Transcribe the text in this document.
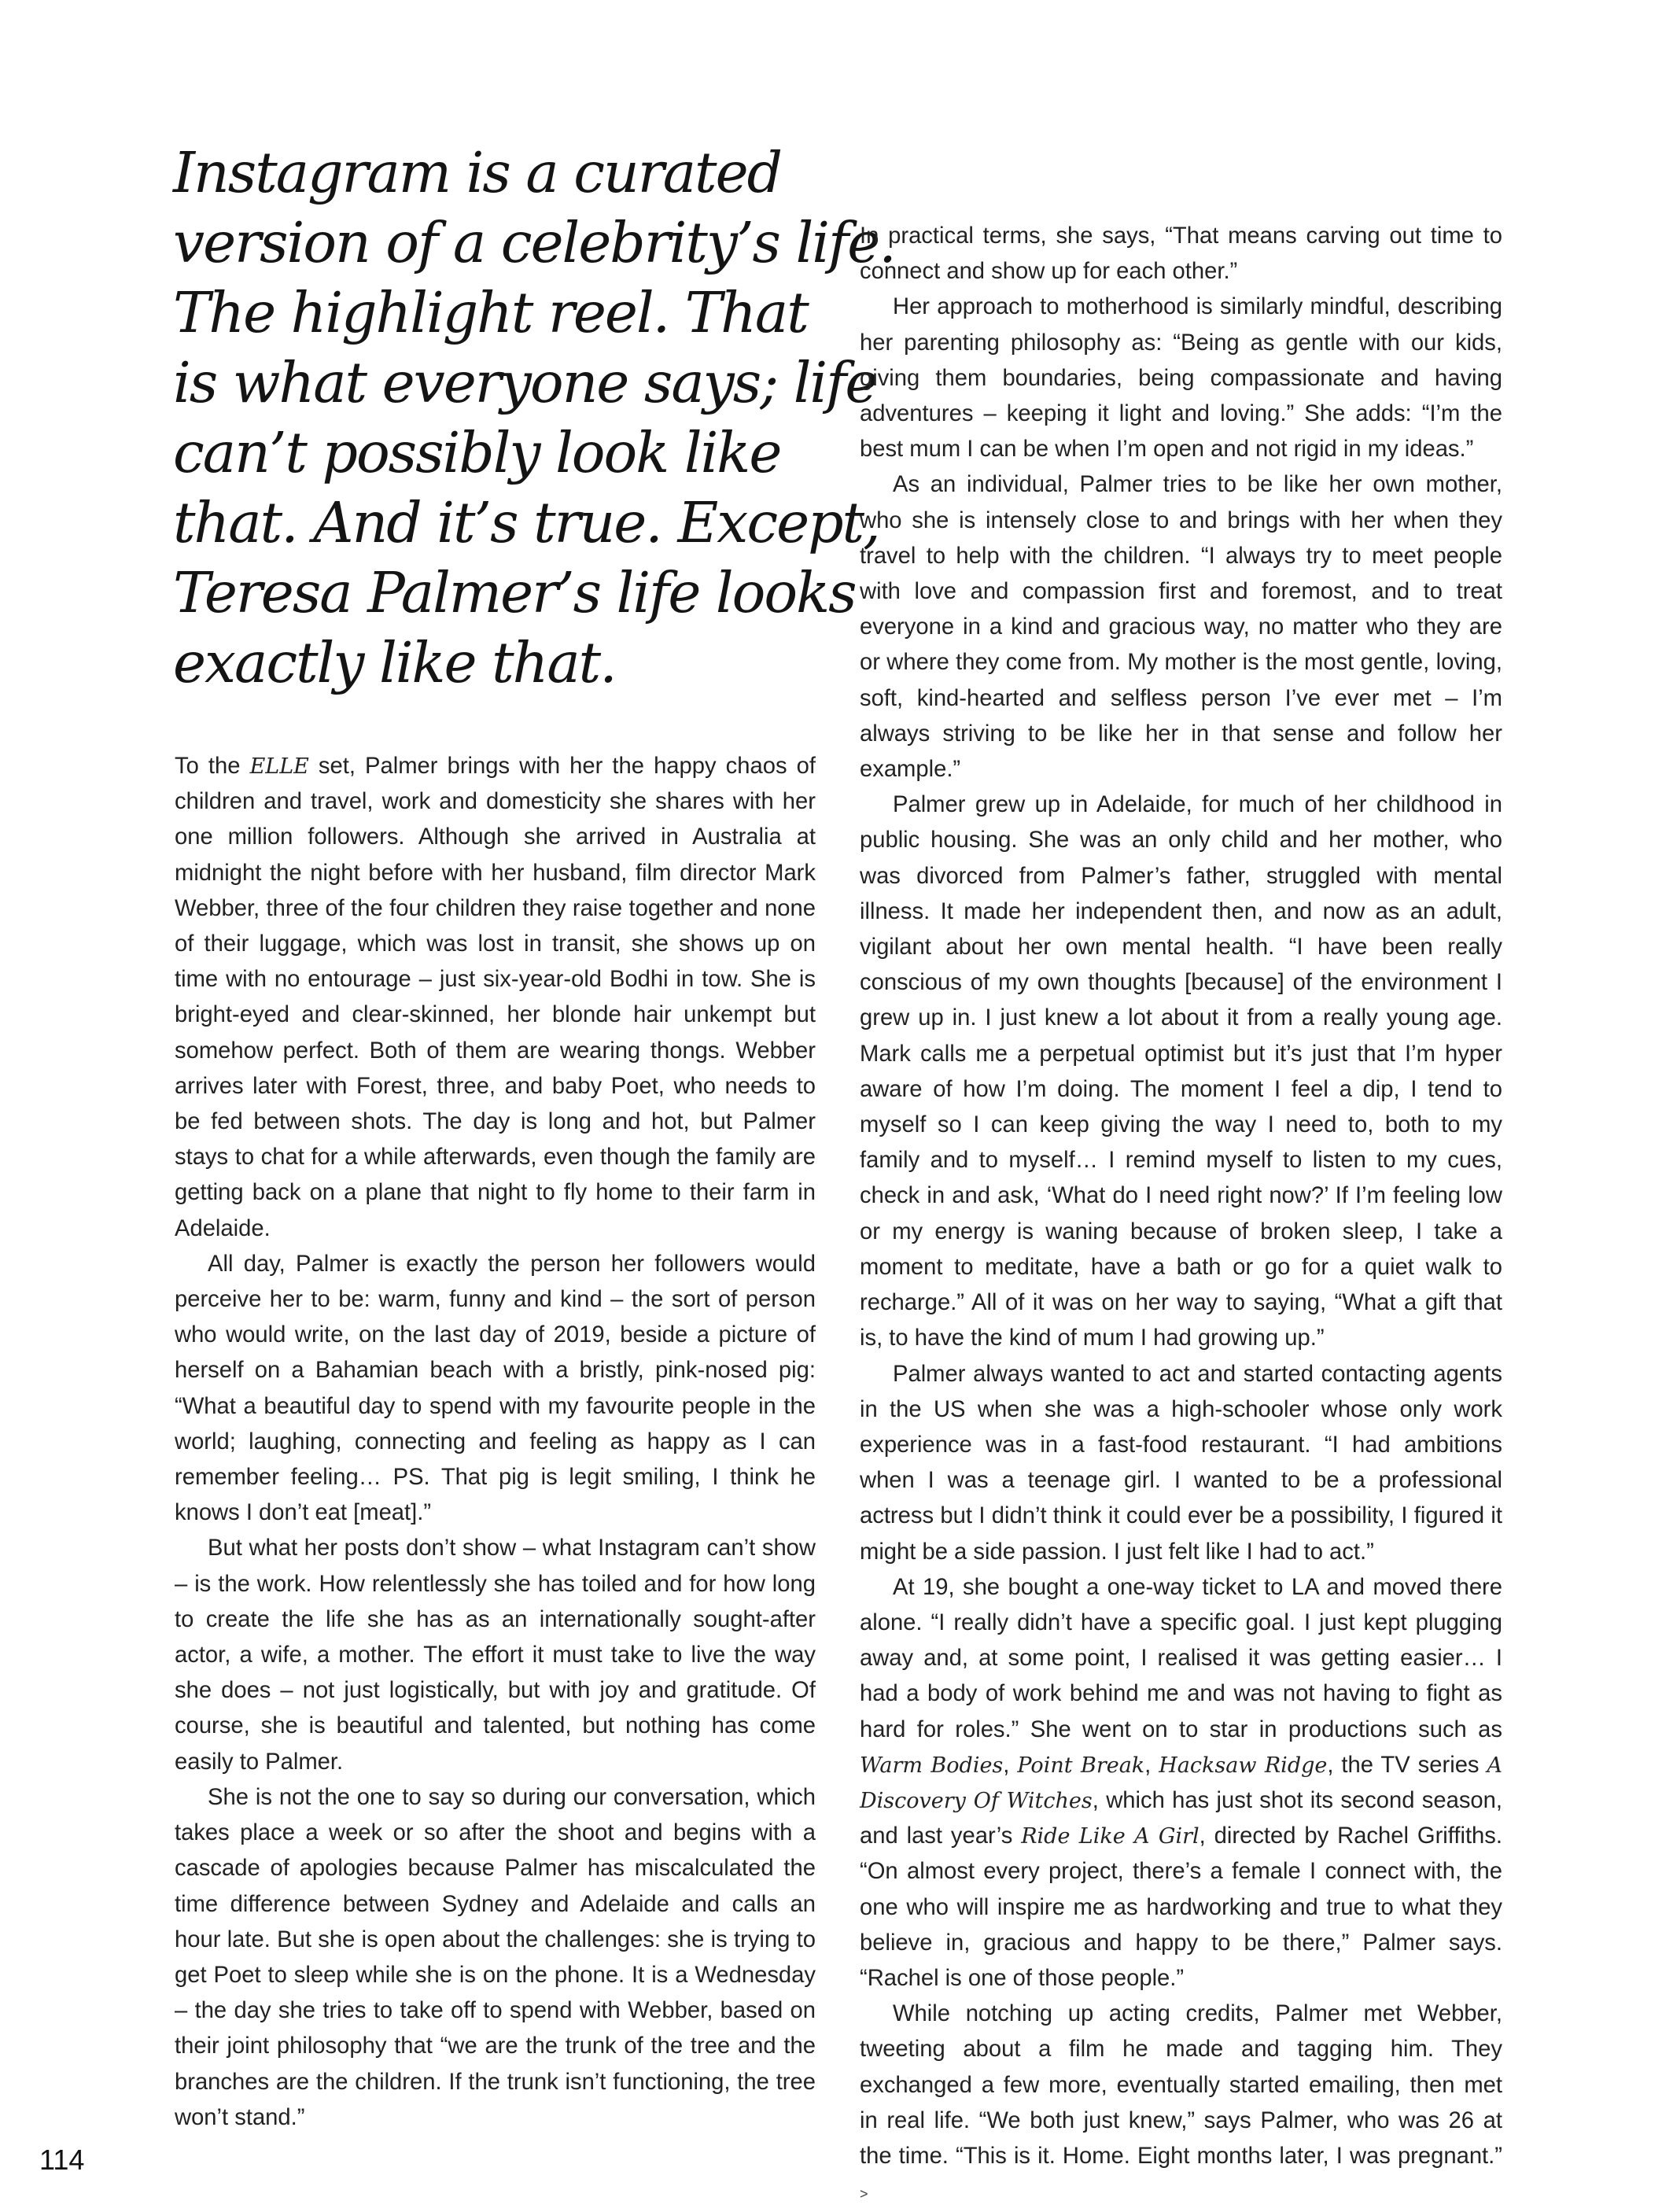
Instagram is a curated
version of a celebrity’s life.
The highlight reel. That
is what everyone says; life
can’t possibly look like
that. And it’s true. Except,
Teresa Palmer’s life looks
exactly like that.

To the ELLE set, Palmer brings with her the happy chaos of children and travel, work and domesticity she shares with her one million followers. Although she arrived in Australia at midnight the night before with her husband, film director Mark Webber, three of the four children they raise together and none of their luggage, which was lost in transit, she shows up on time with no entourage – just six-year-old Bodhi in tow. She is bright-eyed and clear-skinned, her blonde hair unkempt but somehow perfect. Both of them are wearing thongs. Webber arrives later with Forest, three, and baby Poet, who needs to be fed between shots. The day is long and hot, but Palmer stays to chat for a while afterwards, even though the family are getting back on a plane that night to fly home to their farm in Adelaide.

All day, Palmer is exactly the person her followers would perceive her to be: warm, funny and kind – the sort of person who would write, on the last day of 2019, beside a picture of herself on a Bahamian beach with a bristly, pink-nosed pig: “What a beautiful day to spend with my favourite people in the world; laughing, connecting and feeling as happy as I can remember feeling… PS. That pig is legit smiling, I think he knows I don’t eat [meat].”

But what her posts don’t show – what Instagram can’t show – is the work. How relentlessly she has toiled and for how long to create the life she has as an internationally sought-after actor, a wife, a mother. The effort it must take to live the way she does – not just logistically, but with joy and gratitude. Of course, she is beautiful and talented, but nothing has come easily to Palmer.

She is not the one to say so during our conversation, which takes place a week or so after the shoot and begins with a cascade of apologies because Palmer has miscalculated the time difference between Sydney and Adelaide and calls an hour late. But she is open about the challenges: she is trying to get Poet to sleep while she is on the phone. It is a Wednesday – the day she tries to take off to spend with Webber, based on their joint philosophy that “we are the trunk of the tree and the branches are the children. If the trunk isn’t functioning, the tree won’t stand.”

In practical terms, she says, “That means carving out time to connect and show up for each other.”

Her approach to motherhood is similarly mindful, describing her parenting philosophy as: “Being as gentle with our kids, giving them boundaries, being compassionate and having adventures – keeping it light and loving.” She adds: “I’m the best mum I can be when I’m open and not rigid in my ideas.”

As an individual, Palmer tries to be like her own mother, who she is intensely close to and brings with her when they travel to help with the children. “I always try to meet people with love and compassion first and foremost, and to treat everyone in a kind and gracious way, no matter who they are or where they come from. My mother is the most gentle, loving, soft, kind-hearted and selfless person I’ve ever met – I’m always striving to be like her in that sense and follow her example.”

Palmer grew up in Adelaide, for much of her childhood in public housing. She was an only child and her mother, who was divorced from Palmer’s father, struggled with mental illness. It made her independent then, and now as an adult, vigilant about her own mental health. “I have been really conscious of my own thoughts [because] of the environment I grew up in. I just knew a lot about it from a really young age. Mark calls me a perpetual optimist but it’s just that I’m hyper aware of how I’m doing. The moment I feel a dip, I tend to myself so I can keep giving the way I need to, both to my family and to myself… I remind myself to listen to my cues, check in and ask, ‘What do I need right now?’ If I’m feeling low or my energy is waning because of broken sleep, I take a moment to meditate, have a bath or go for a quiet walk to recharge.” All of it was on her way to saying, “What a gift that is, to have the kind of mum I had growing up.”

Palmer always wanted to act and started contacting agents in the US when she was a high-schooler whose only work experience was in a fast-food restaurant. “I had ambitions when I was a teenage girl. I wanted to be a professional actress but I didn’t think it could ever be a possibility, I figured it might be a side passion. I just felt like I had to act.”

At 19, she bought a one-way ticket to LA and moved there alone. “I really didn’t have a specific goal. I just kept plugging away and, at some point, I realised it was getting easier… I had a body of work behind me and was not having to fight as hard for roles.” She went on to star in productions such as Warm Bodies, Point Break, Hacksaw Ridge, the TV series A Discovery Of Witches, which has just shot its second season, and last year’s Ride Like A Girl, directed by Rachel Griffiths. “On almost every project, there’s a female I connect with, the one who will inspire me as hardworking and true to what they believe in, gracious and happy to be there,” Palmer says. “Rachel is one of those people.”

While notching up acting credits, Palmer met Webber, tweeting about a film he made and tagging him. They exchanged a few more, eventually started emailing, then met in real life. “We both just knew,” says Palmer, who was 26 at the time. “This is it. Home. Eight months later, I was pregnant.” >

114
